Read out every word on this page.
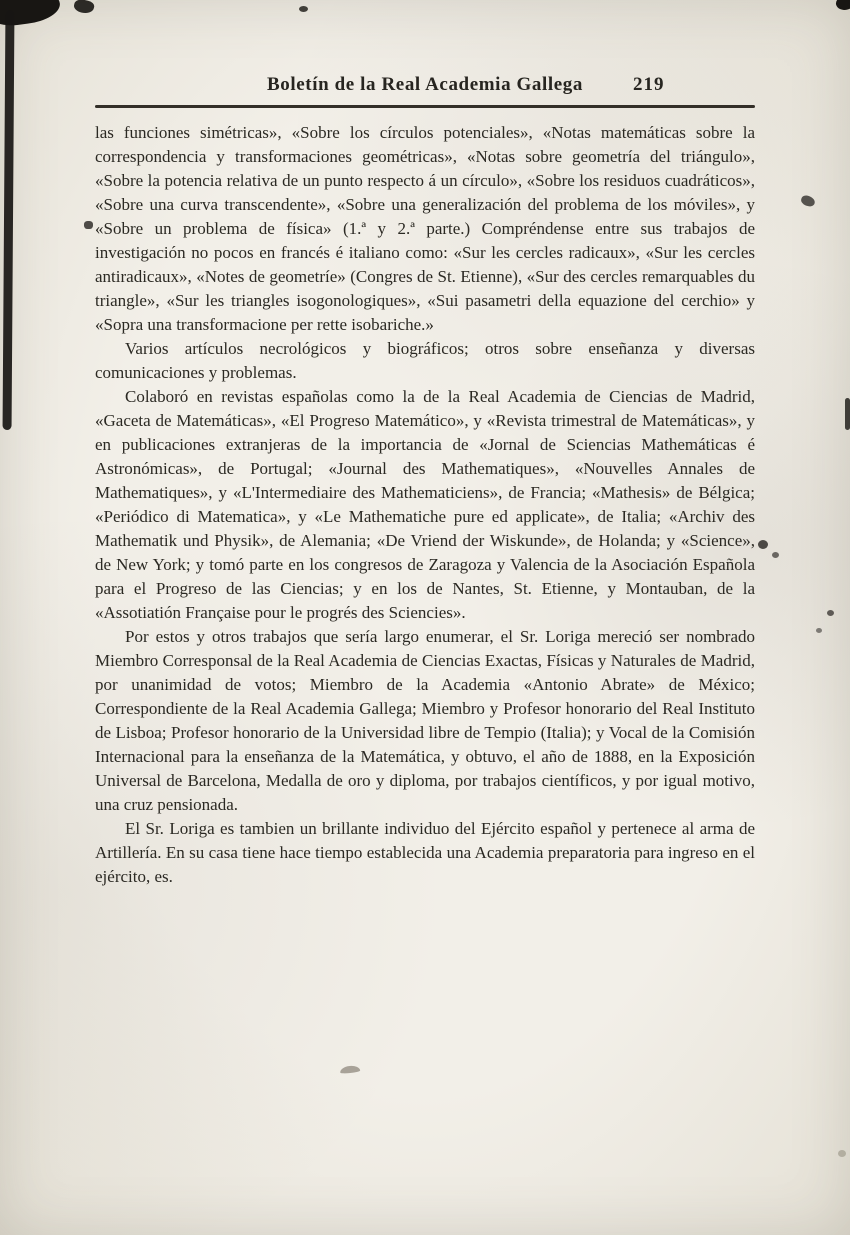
Boletín de la Real Academia Gallega	219

las funciones simétricas», «Sobre los círculos potenciales», «Notas matemáticas sobre la correspondencia y transformaciones geométricas», «Notas sobre geometría del triángulo», «Sobre la potencia relativa de un punto respecto á un círculo», «Sobre los residuos cuadráticos», «Sobre una curva transcendente», «Sobre una generalización del problema de los móviles», y «Sobre un problema de física» (1.ª y 2.ª parte.) Compréndense entre sus trabajos de investigación no pocos en francés é italiano como: «Sur les cercles radicaux», «Sur les cercles antiradicaux», «Notes de geometríe» (Congres de St. Etienne), «Sur des cercles remarquables du triangle», «Sur les triangles isogonologiques», «Sui pasametri della equazione del cerchio» y «Sopra una transformacione per rette isobariche.»

Varios artículos necrológicos y biográficos; otros sobre enseñanza y diversas comunicaciones y problemas.

Colaboró en revistas españolas como la de la Real Academia de Ciencias de Madrid, «Gaceta de Matemáticas», «El Progreso Matemático», y «Revista trimestral de Matemáticas», y en publicaciones extranjeras de la importancia de «Jornal de Sciencias Mathemáticas é Astronómicas», de Portugal; «Journal des Mathematiques», «Nouvelles Annales de Mathematiques», y «L'Intermediaire des Mathematiciens», de Francia; «Mathesis» de Bélgica; «Periódico di Matematica», y «Le Mathematiche pure ed applicate», de Italia; «Archiv des Mathematik und Physik», de Alemania; «De Vriend der Wiskunde», de Holanda; y «Science», de New York; y tomó parte en los congresos de Zaragoza y Valencia de la Asociación Española para el Progreso de las Ciencias; y en los de Nantes, St. Etienne, y Montauban, de la «Assotiatión Française pour le progrés des Sciencies».

Por estos y otros trabajos que sería largo enumerar, el Sr. Loriga mereció ser nombrado Miembro Corresponsal de la Real Academia de Ciencias Exactas, Físicas y Naturales de Madrid, por unanimidad de votos; Miembro de la Academia «Antonio Abrate» de México; Correspondiente de la Real Academia Gallega; Miembro y Profesor honorario del Real Instituto de Lisboa; Profesor honorario de la Universidad libre de Tempio (Italia); y Vocal de la Comisión Internacional para la enseñanza de la Matemática, y obtuvo, el año de 1888, en la Exposición Universal de Barcelona, Medalla de oro y diploma, por trabajos científicos, y por igual motivo, una cruz pensionada.

El Sr. Loriga es tambien un brillante individuo del Ejército español y pertenece al arma de Artillería. En su casa tiene hace tiempo establecida una Academia preparatoria para ingreso en el ejército, es.
